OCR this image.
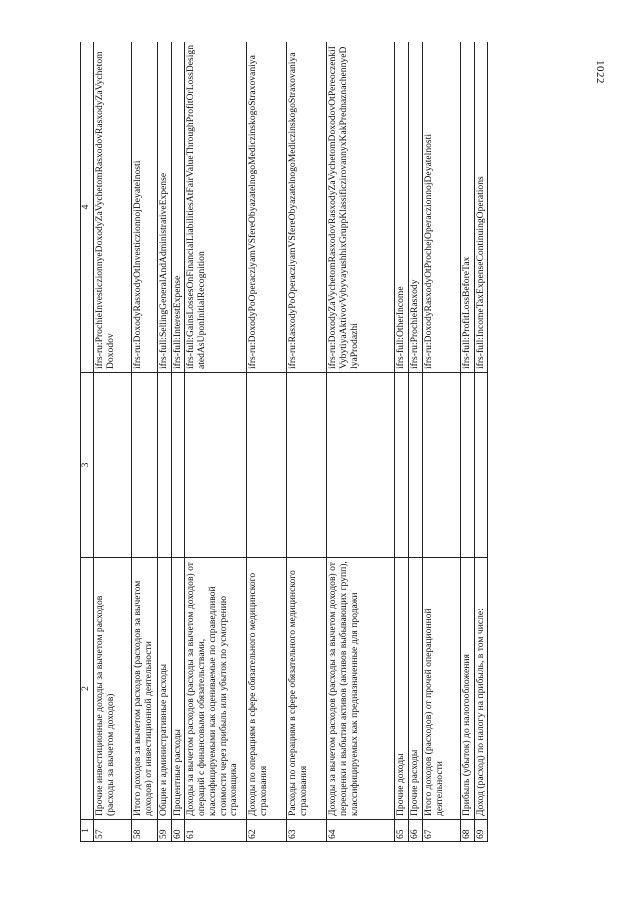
1022
1	2	3	4
57	Прочие инвестиционные доходы за вычетом расходов (расходы за вычетом доходов)		ifrs-ru:ProchieInvesticzionnyeDoxodyZaVychetomRasxodovRasxodyZaVychetomDoxodov
58	Итого доходов за вычетом расходов (расходов за вычетом доходов) от инвестиционной деятельности		ifrs-ru:DoxodyRasxodyOtInvesticzionnojDeyatelnosti
59	Общие и административные расходы		ifrs-full:SellingGeneralAndAdministrativeExpense
60	Процентные расходы		ifrs-full:InterestExpense
61	Доходы за вычетом расходов (расходы за вычетом доходов) от операций с финансовыми обязательствами, классифицируемыми как оцениваемые по справедливой стоимости через прибыль или убыток по усмотрению страховщика		ifrs-full:GainsLossesOnFinancialLiabilitiesAtFairValueThroughProfitOrLossDesignatedAsUponInitialRecognition
62	Доходы по операциям в сфере обязательного медицинского страхования		ifrs-ru:DoxodyPoOperacziyamVSfereObyazatelnogoMediczinskogoStraxovaniya
63	Расходы по операциям в сфере обязательного медицинского страхования		ifrs-ru:RasxodyPoOperacziyamVSfereObyazatelnogoMediczinskogoStraxovaniya
64	Доходы за вычетом расходов (расходы за вычетом доходов) от переоценки и выбытия активов (активов выбывающих групп), классифицируемых как предназначенные для продажи		ifrs-ru:DoxodyZaVychetomRasxodovRasxodyZaVychetomDoxodovOtPereoczenkiIVybytiyaAktivovVybyvayushhixGruppKlassificzirovannyxKakPrednaznachennyeDlyaProdazhi
65	Прочие доходы		ifrs-full:OtherIncome
66	Прочие расходы		ifrs-ru:ProchieRasxody
67	Итого доходов (расходов) от прочей операционной деятельности		ifrs-ru:DoxodyRasxodyOtProchejOperaczionnojDeyatelnosti
68	Прибыль (убыток) до налогообложения		ifrs-full:ProfitLossBeforeTax
69	Доход (расход) по налогу на прибыль, в том числе:		ifrs-full:IncomeTaxExpenseContinuingOperations
